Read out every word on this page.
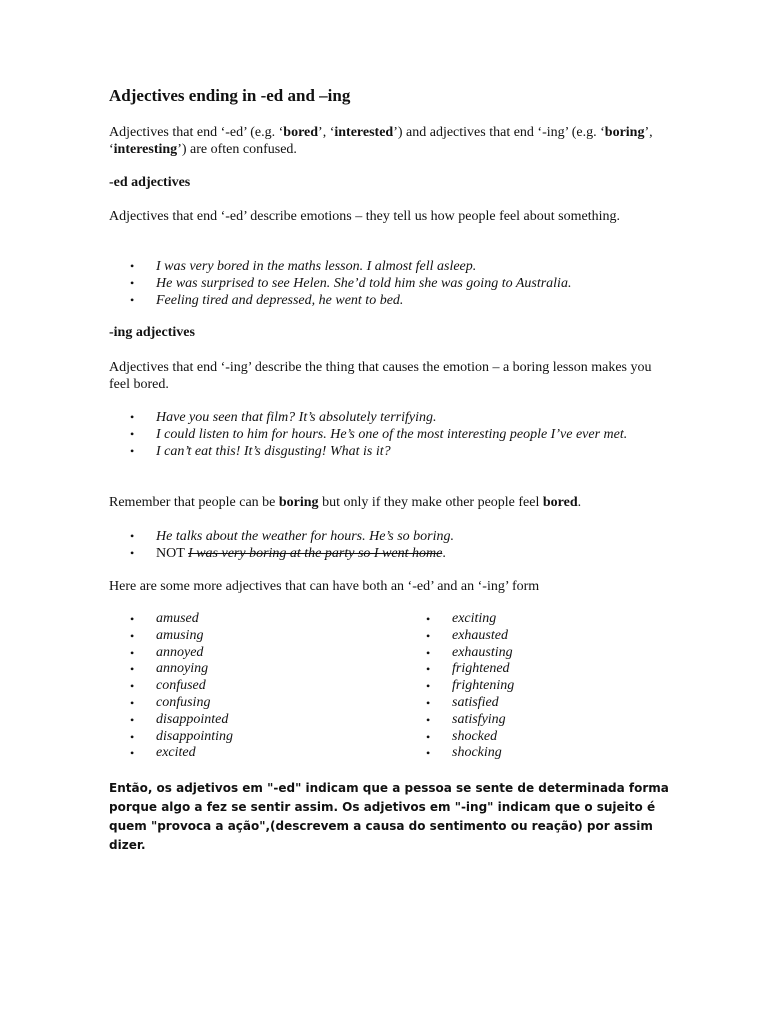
Adjectives ending in -ed and –ing

Adjectives that end ‘-ed’ (e.g. ‘bored’, ‘interested’) and adjectives that end ‘-ing’ (e.g. ‘boring’, ‘interesting’) are often confused.

-ed adjectives

Adjectives that end ‘-ed’ describe emotions – they tell us how people feel about something.

• I was very bored in the maths lesson. I almost fell asleep.
• He was surprised to see Helen. She’d told him she was going to Australia.
• Feeling tired and depressed, he went to bed.
-ing adjectives

Adjectives that end ‘-ing’ describe the thing that causes the emotion – a boring lesson makes you feel bored.

• Have you seen that film? It’s absolutely terrifying.
• I could listen to him for hours. He’s one of the most interesting people I’ve ever met.
• I can’t eat this! It’s disgusting! What is it?

Remember that people can be boring but only if they make other people feel bored.

• He talks about the weather for hours. He’s so boring.
• NOT I was very boring at the party so I went home.

Here are some more adjectives that can have both an ‘-ed’ and an ‘-ing’ form

• amused
• amusing
• annoyed
• annoying
• confused
• confusing
• disappointed
• disappointing
• excited
• exciting
• exhausted
• exhausting
• frightened
• frightening
• satisfied
• satisfying
• shocked
• shocking

Então, os adjetivos em "-ed" indicam que a pessoa se sente de determinada forma porque algo a fez se sentir assim. Os adjetivos em "-ing" indicam que o sujeito é quem "provoca a ação",(descrevem a causa do sentimento ou reação) por assim dizer.
